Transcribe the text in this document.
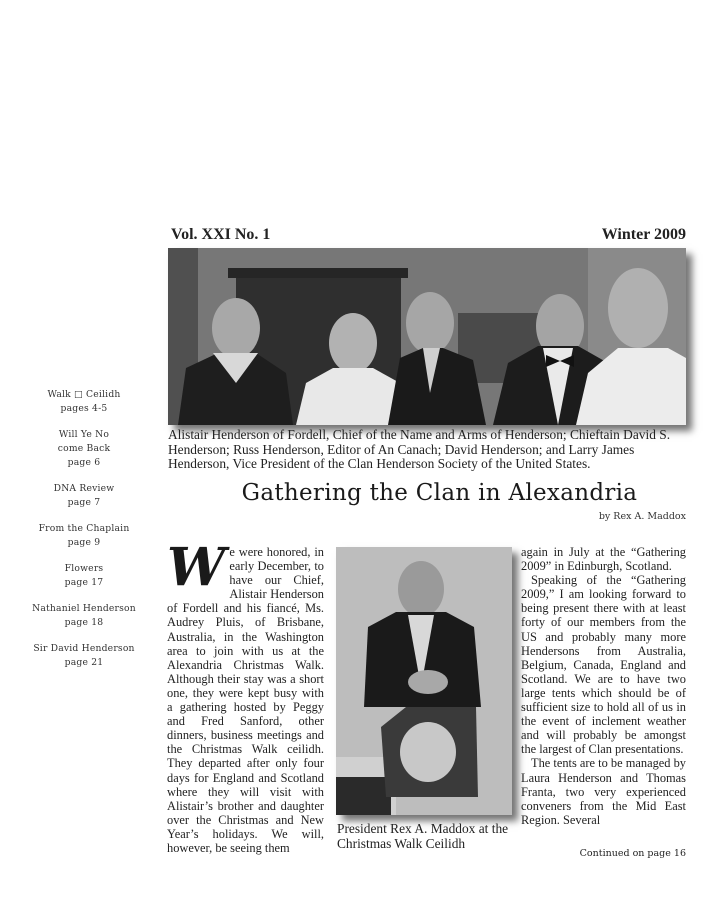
Walk □ Ceilidh
pages 4-5
Will Ye No
come Back
page 6
DNA Review
page 7
From the Chaplain
page 9
Flowers
page 17
Nathaniel Henderson
page 18
Sir David Henderson
page 21
Vol. XXI No. 1	Winter 2009
Alistair Henderson of Fordell, Chief of the Name and Arms of Henderson; Chieftain David S. Henderson; Russ Henderson, Editor of An Canach; David Henderson; and Larry James Henderson, Vice President of the Clan Henderson Society of the United States.
Gathering the Clan in Alexandria
by Rex A. Maddox
We were honored, in early December, to have our Chief, Alistair Henderson of Fordell and his fiancé, Ms. Audrey Pluis, of Brisbane, Australia, in the Washington area to join with us at the Alexandria Christmas Walk. Although their stay was a short one, they were kept busy with a gathering hosted by Peggy and Fred Sanford, other dinners, business meetings and the Christmas Walk ceilidh. They departed after only four days for England and Scotland where they will visit with Alistair’s brother and daughter over the Christmas and New Year’s holidays. We will, however, be seeing them
President Rex A. Maddox at the Christmas Walk Ceilidh
again in July at the “Gathering 2009” in Edinburgh, Scotland.
Speaking of the “Gathering 2009,” I am looking forward to being present there with at least forty of our members from the US and probably many more Hendersons from Australia, Belgium, Canada, England and Scotland. We are to have two large tents which should be of sufficient size to hold all of us in the event of inclement weather and will probably be amongst the largest of Clan presentations.
The tents are to be managed by Laura Henderson and Thomas Franta, two very experienced conveners from the Mid East Region. Several
Continued on page 16
